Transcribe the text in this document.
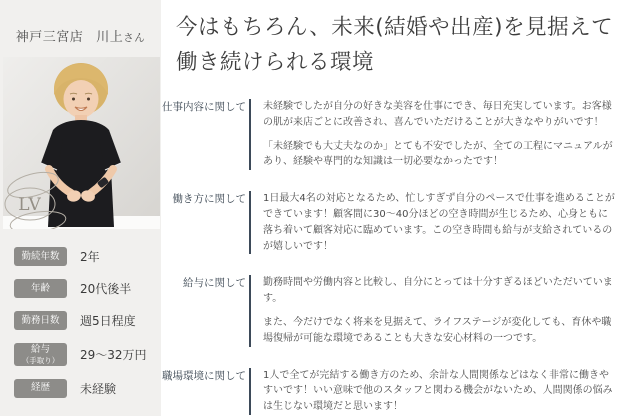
神戸三宮店 川上さん
LV
勤続年数 2年
年齢	20代後半
勤務日数 週5日程度
給与
（手取り） 29〜32万円
経歴	未経験
今はもちろん、未来(結婚や出産)を見据えて
働き続けられる環境
仕事内容に関して 未経験でしたが自分の好きな美容を仕事にでき、毎日充実しています。お客様の肌が来店ごとに改善され、喜んでいただけることが大きなやりがいです！

「未経験でも大丈夫なのか」とても不安でしたが、全ての工程にマニュアルがあり、経験や専門的な知識は一切必要なかったです！

働き方に関して 1日最大4名の対応となるため、忙しすぎず自分のペースで仕事を進めることができています！顧客間に30〜40分ほどの空き時間が生じるため、心身ともに落ち着いて顧客対応に臨めています。この空き時間も給与が支給されているのが嬉しいです！

給与に関して 勤務時間や労働内容と比較し、自分にとっては十分すぎるほどいただいています。

また、今だけでなく将来を見据えて、ライフステージが変化しても、育休や職場復帰が可能な環境であることも大きな安心材料の一つです。

職場環境に関して 1人で全てが完結する働き方のため、余計な人間関係などはなく非常に働きやすいです！いい意味で他のスタッフと関わる機会がないため、人間関係の悩みは生じない環境だと思います！
